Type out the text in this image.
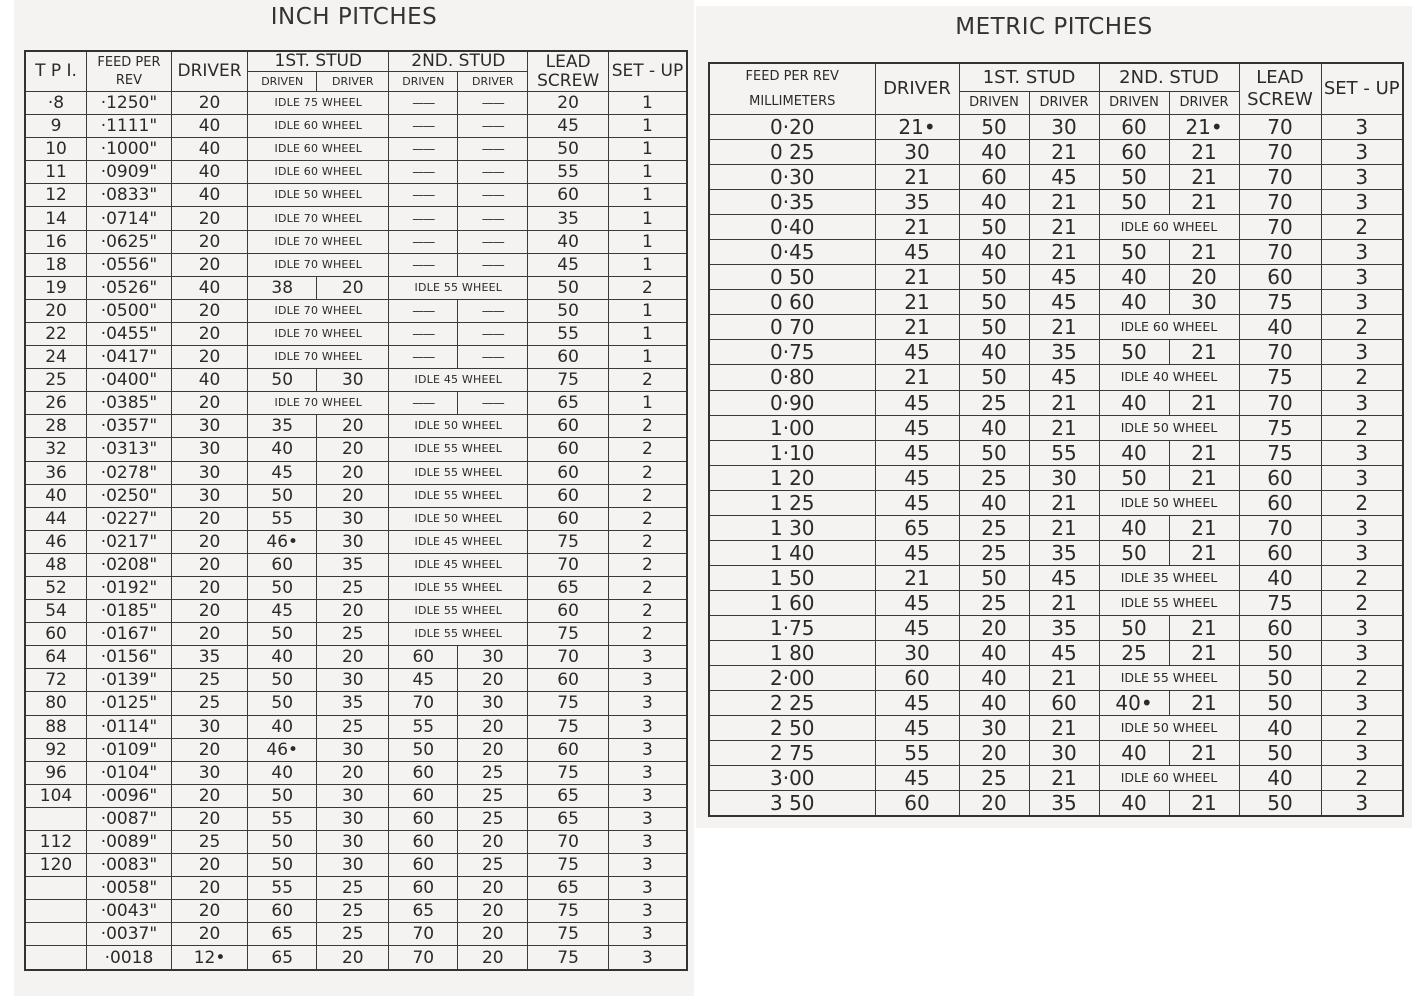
INCH PITCHES
T P I.	FEED PER REV	DRIVER	1ST. STUD		2ND. STUD		LEAD SCREW	SET - UP
			DRIVEN	DRIVER	DRIVEN	DRIVER		
·8	·1250"	20	IDLE 75 WHEEL		——	——	20	1
9	·1111"	40	IDLE 60 WHEEL		——	——	45	1
10	·1000"	40	IDLE 60 WHEEL		——	——	50	1
11	·0909"	40	IDLE 60 WHEEL		——	——	55	1
12	·0833"	40	IDLE 50 WHEEL		——	——	60	1
14	·0714"	20	IDLE 70 WHEEL		——	——	35	1
16	·0625"	20	IDLE 70 WHEEL		——	——	40	1
18	·0556"	20	IDLE 70 WHEEL		——	——	45	1
19	·0526"	40	38	20	IDLE 55 WHEEL		50	2
20	·0500"	20	IDLE 70 WHEEL		——	——	50	1
22	·0455"	20	IDLE 70 WHEEL		——	——	55	1
24	·0417"	20	IDLE 70 WHEEL		——	——	60	1
25	·0400"	40	50	30	IDLE 45 WHEEL		75	2
26	·0385"	20	IDLE 70 WHEEL		——	——	65	1
28	·0357"	30	35	20	IDLE 50 WHEEL		60	2
32	·0313"	30	40	20	IDLE 55 WHEEL		60	2
36	·0278"	30	45	20	IDLE 55 WHEEL		60	2
40	·0250"	30	50	20	IDLE 55 WHEEL		60	2
44	·0227"	20	55	30	IDLE 50 WHEEL		60	2
46	·0217"	20	46•	30	IDLE 45 WHEEL		75	2
48	·0208"	20	60	35	IDLE 45 WHEEL		70	2
52	·0192"	20	50	25	IDLE 55 WHEEL		65	2
54	·0185"	20	45	20	IDLE 55 WHEEL		60	2
60	·0167"	20	50	25	IDLE 55 WHEEL		75	2
64	·0156"	35	40	20	60	30	70	3
72	·0139"	25	50	30	45	20	60	3
80	·0125"	25	50	35	70	30	75	3
88	·0114"	30	40	25	55	20	75	3
92	·0109"	20	46•	30	50	20	60	3
96	·0104"	30	40	20	60	25	75	3
104	·0096"	20	50	30	60	25	65	3
	·0087"	20	55	30	60	25	65	3
112	·0089"	25	50	30	60	20	70	3
120	·0083"	20	50	30	60	25	75	3
	·0058"	20	55	25	60	20	65	3
	·0043"	20	60	25	65	20	75	3
	·0037"	20	65	25	70	20	75	3
	·0018	12•	65	20	70	20	75	3
METRIC PITCHES
FEED PER REV MILLIMETERS	DRIVER	1ST. STUD		2ND. STUD		LEAD SCREW	SET - UP
		DRIVEN	DRIVER	DRIVEN	DRIVER		
0·20	21•	50	30	60	21•	70	3
0 25	30	40	21	60	21	70	3
0·30	21	60	45	50	21	70	3
0·35	35	40	21	50	21	70	3
0·40	21	50	21	IDLE 60 WHEEL		70	2
0·45	45	40	21	50	21	70	3
0 50	21	50	45	40	20	60	3
0 60	21	50	45	40	30	75	3
0 70	21	50	21	IDLE 60 WHEEL		40	2
0·75	45	40	35	50	21	70	3
0·80	21	50	45	IDLE 40 WHEEL		75	2
0·90	45	25	21	40	21	70	3
1·00	45	40	21	IDLE 50 WHEEL		75	2
1·10	45	50	55	40	21	75	3
1 20	45	25	30	50	21	60	3
1 25	45	40	21	IDLE 50 WHEEL		60	2
1 30	65	25	21	40	21	70	3
1 40	45	25	35	50	21	60	3
1 50	21	50	45	IDLE 35 WHEEL		40	2
1 60	45	25	21	IDLE 55 WHEEL		75	2
1·75	45	20	35	50	21	60	3
1 80	30	40	45	25	21	50	3
2·00	60	40	21	IDLE 55 WHEEL		50	2
2 25	45	40	60	40•	21	50	3
2 50	45	30	21	IDLE 50 WHEEL		40	2
2 75	55	20	30	40	21	50	3
3·00	45	25	21	IDLE 60 WHEEL		40	2
3 50	60	20	35	40	21	50	3
